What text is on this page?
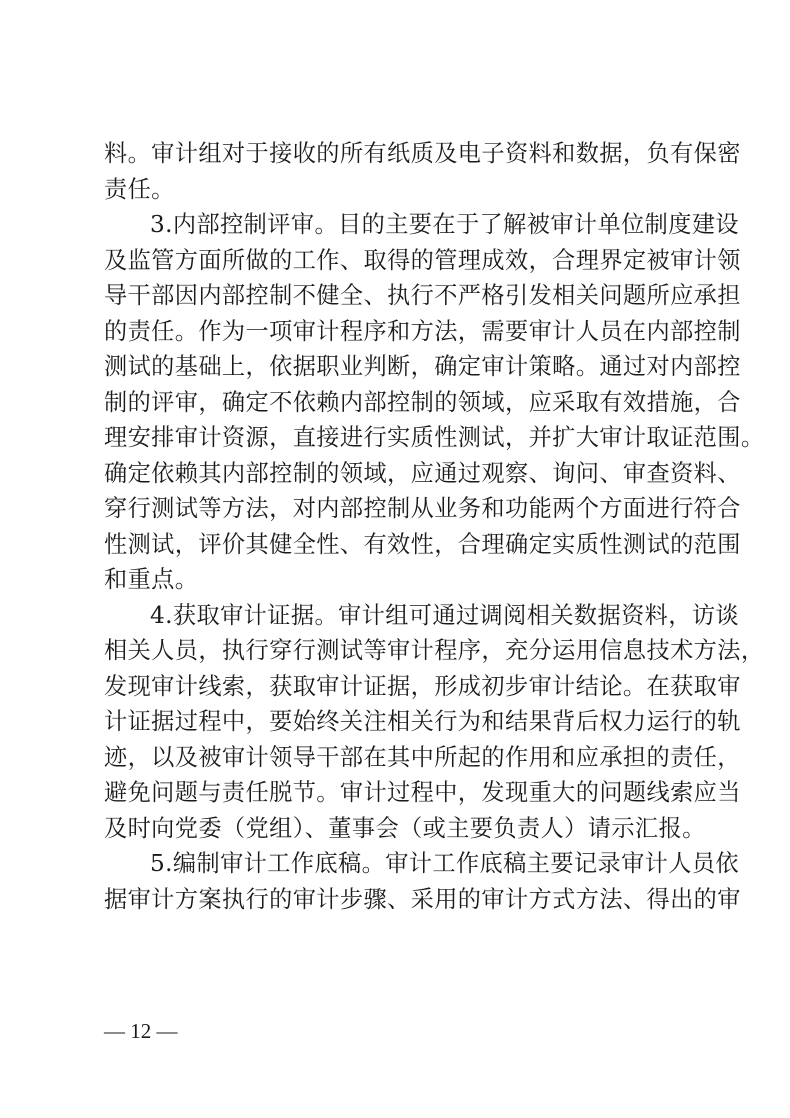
料。审计组对于接收的所有纸质及电子资料和数据，负有保密
责任。
3.内部控制评审。目的主要在于了解被审计单位制度建设
及监管方面所做的工作、取得的管理成效，合理界定被审计领
导干部因内部控制不健全、执行不严格引发相关问题所应承担
的责任。作为一项审计程序和方法，需要审计人员在内部控制
测试的基础上，依据职业判断，确定审计策略。通过对内部控
制的评审，确定不依赖内部控制的领域，应采取有效措施，合
理安排审计资源，直接进行实质性测试，并扩大审计取证范围。
确定依赖其内部控制的领域，应通过观察、询问、审查资料、
穿行测试等方法，对内部控制从业务和功能两个方面进行符合
性测试，评价其健全性、有效性，合理确定实质性测试的范围
和重点。
4.获取审计证据。审计组可通过调阅相关数据资料，访谈
相关人员，执行穿行测试等审计程序，充分运用信息技术方法，
发现审计线索，获取审计证据，形成初步审计结论。在获取审
计证据过程中，要始终关注相关行为和结果背后权力运行的轨
迹，以及被审计领导干部在其中所起的作用和应承担的责任，
避免问题与责任脱节。审计过程中，发现重大的问题线索应当
及时向党委（党组）、董事会（或主要负责人）请示汇报。
5.编制审计工作底稿。审计工作底稿主要记录审计人员依
据审计方案执行的审计步骤、采用的审计方式方法、得出的审
— 12 —
